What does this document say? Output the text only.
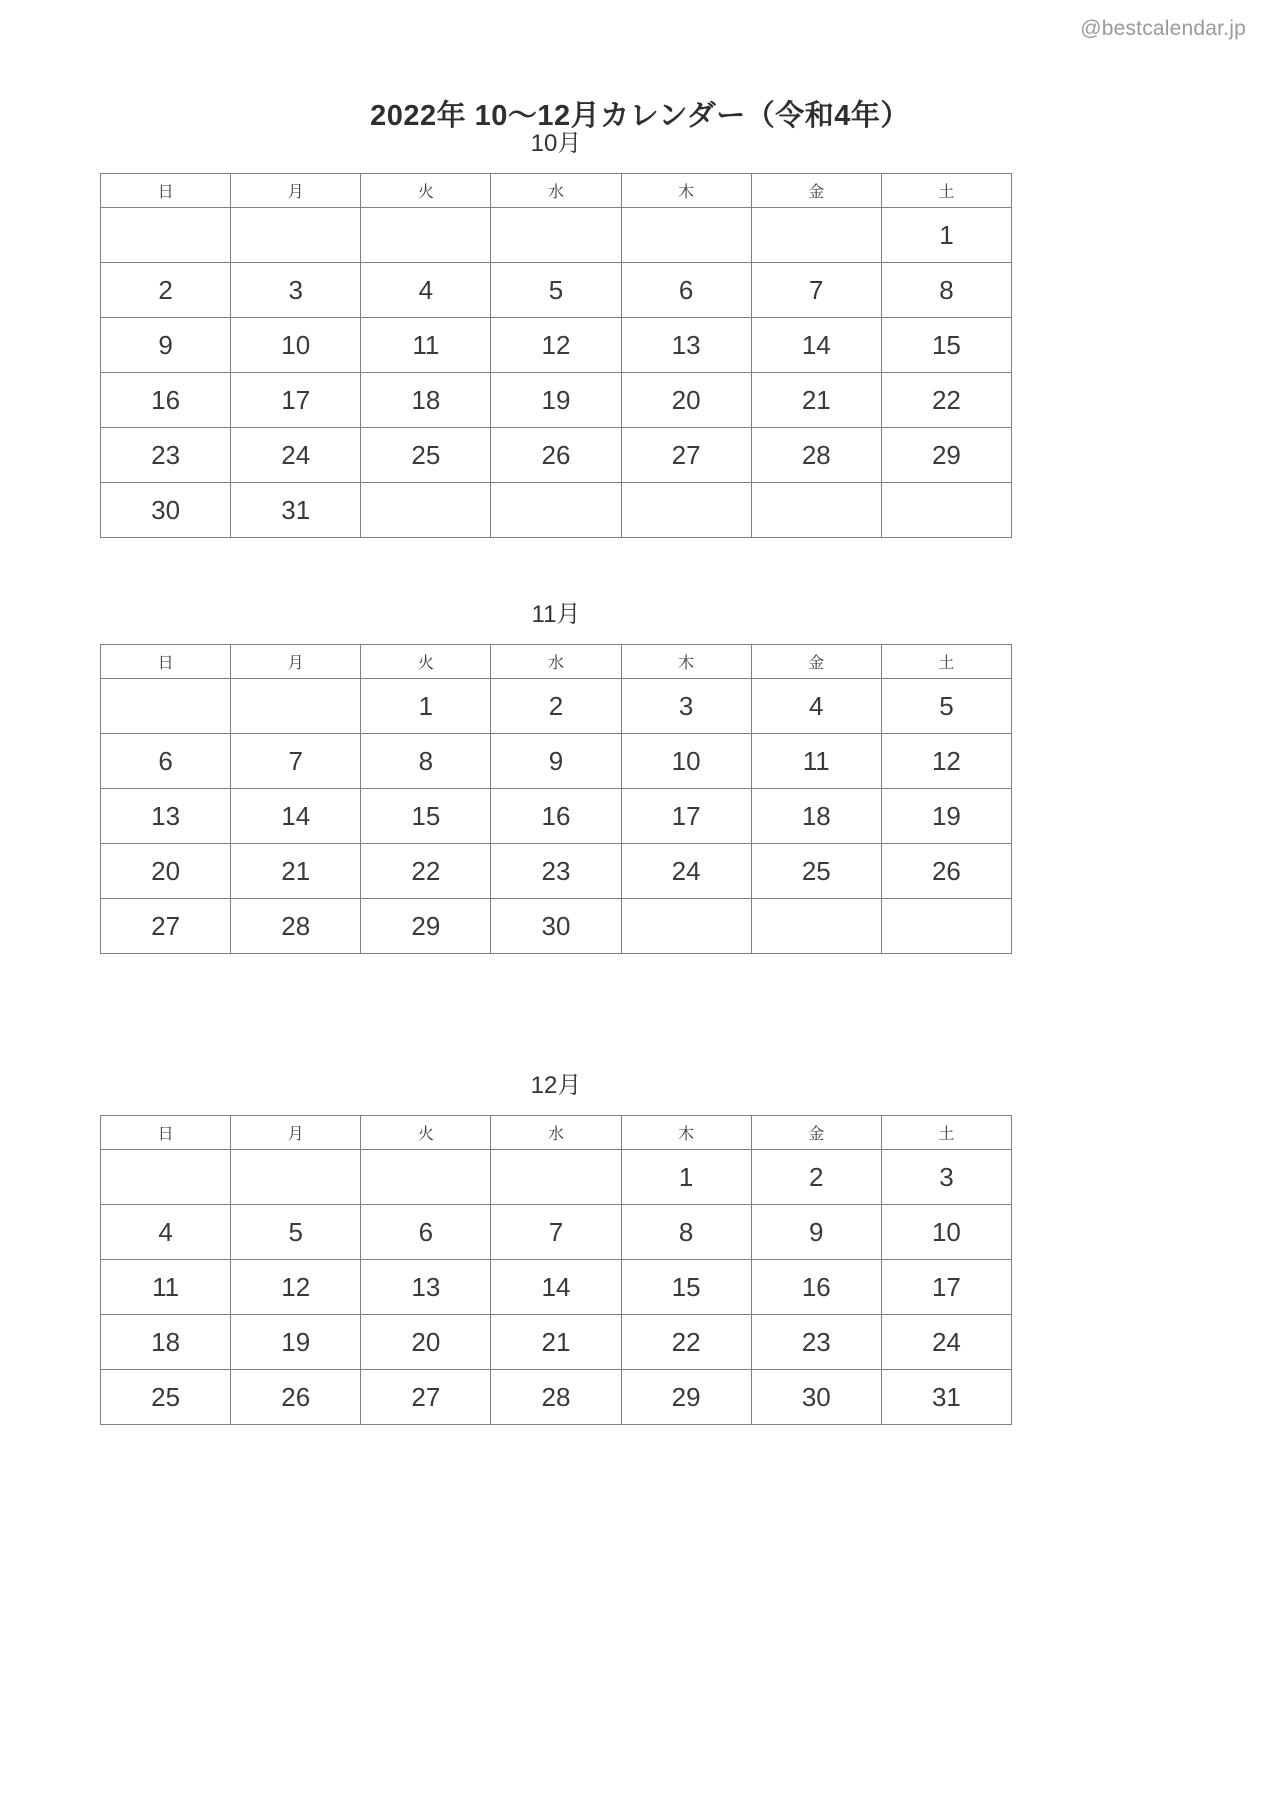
@bestcalendar.jp
2022年 10〜12月カレンダー（令和4年）
10月
日	月	火	水	木	金	土
						1
2	3	4	5	6	7	8
9	10	11	12	13	14	15
16	17	18	19	20	21	22
23	24	25	26	27	28	29
30	31					
11月
日	月	火	水	木	金	土
		1	2	3	4	5
6	7	8	9	10	11	12
13	14	15	16	17	18	19
20	21	22	23	24	25	26
27	28	29	30			
12月
日	月	火	水	木	金	土
				1	2	3
4	5	6	7	8	9	10
11	12	13	14	15	16	17
18	19	20	21	22	23	24
25	26	27	28	29	30	31
